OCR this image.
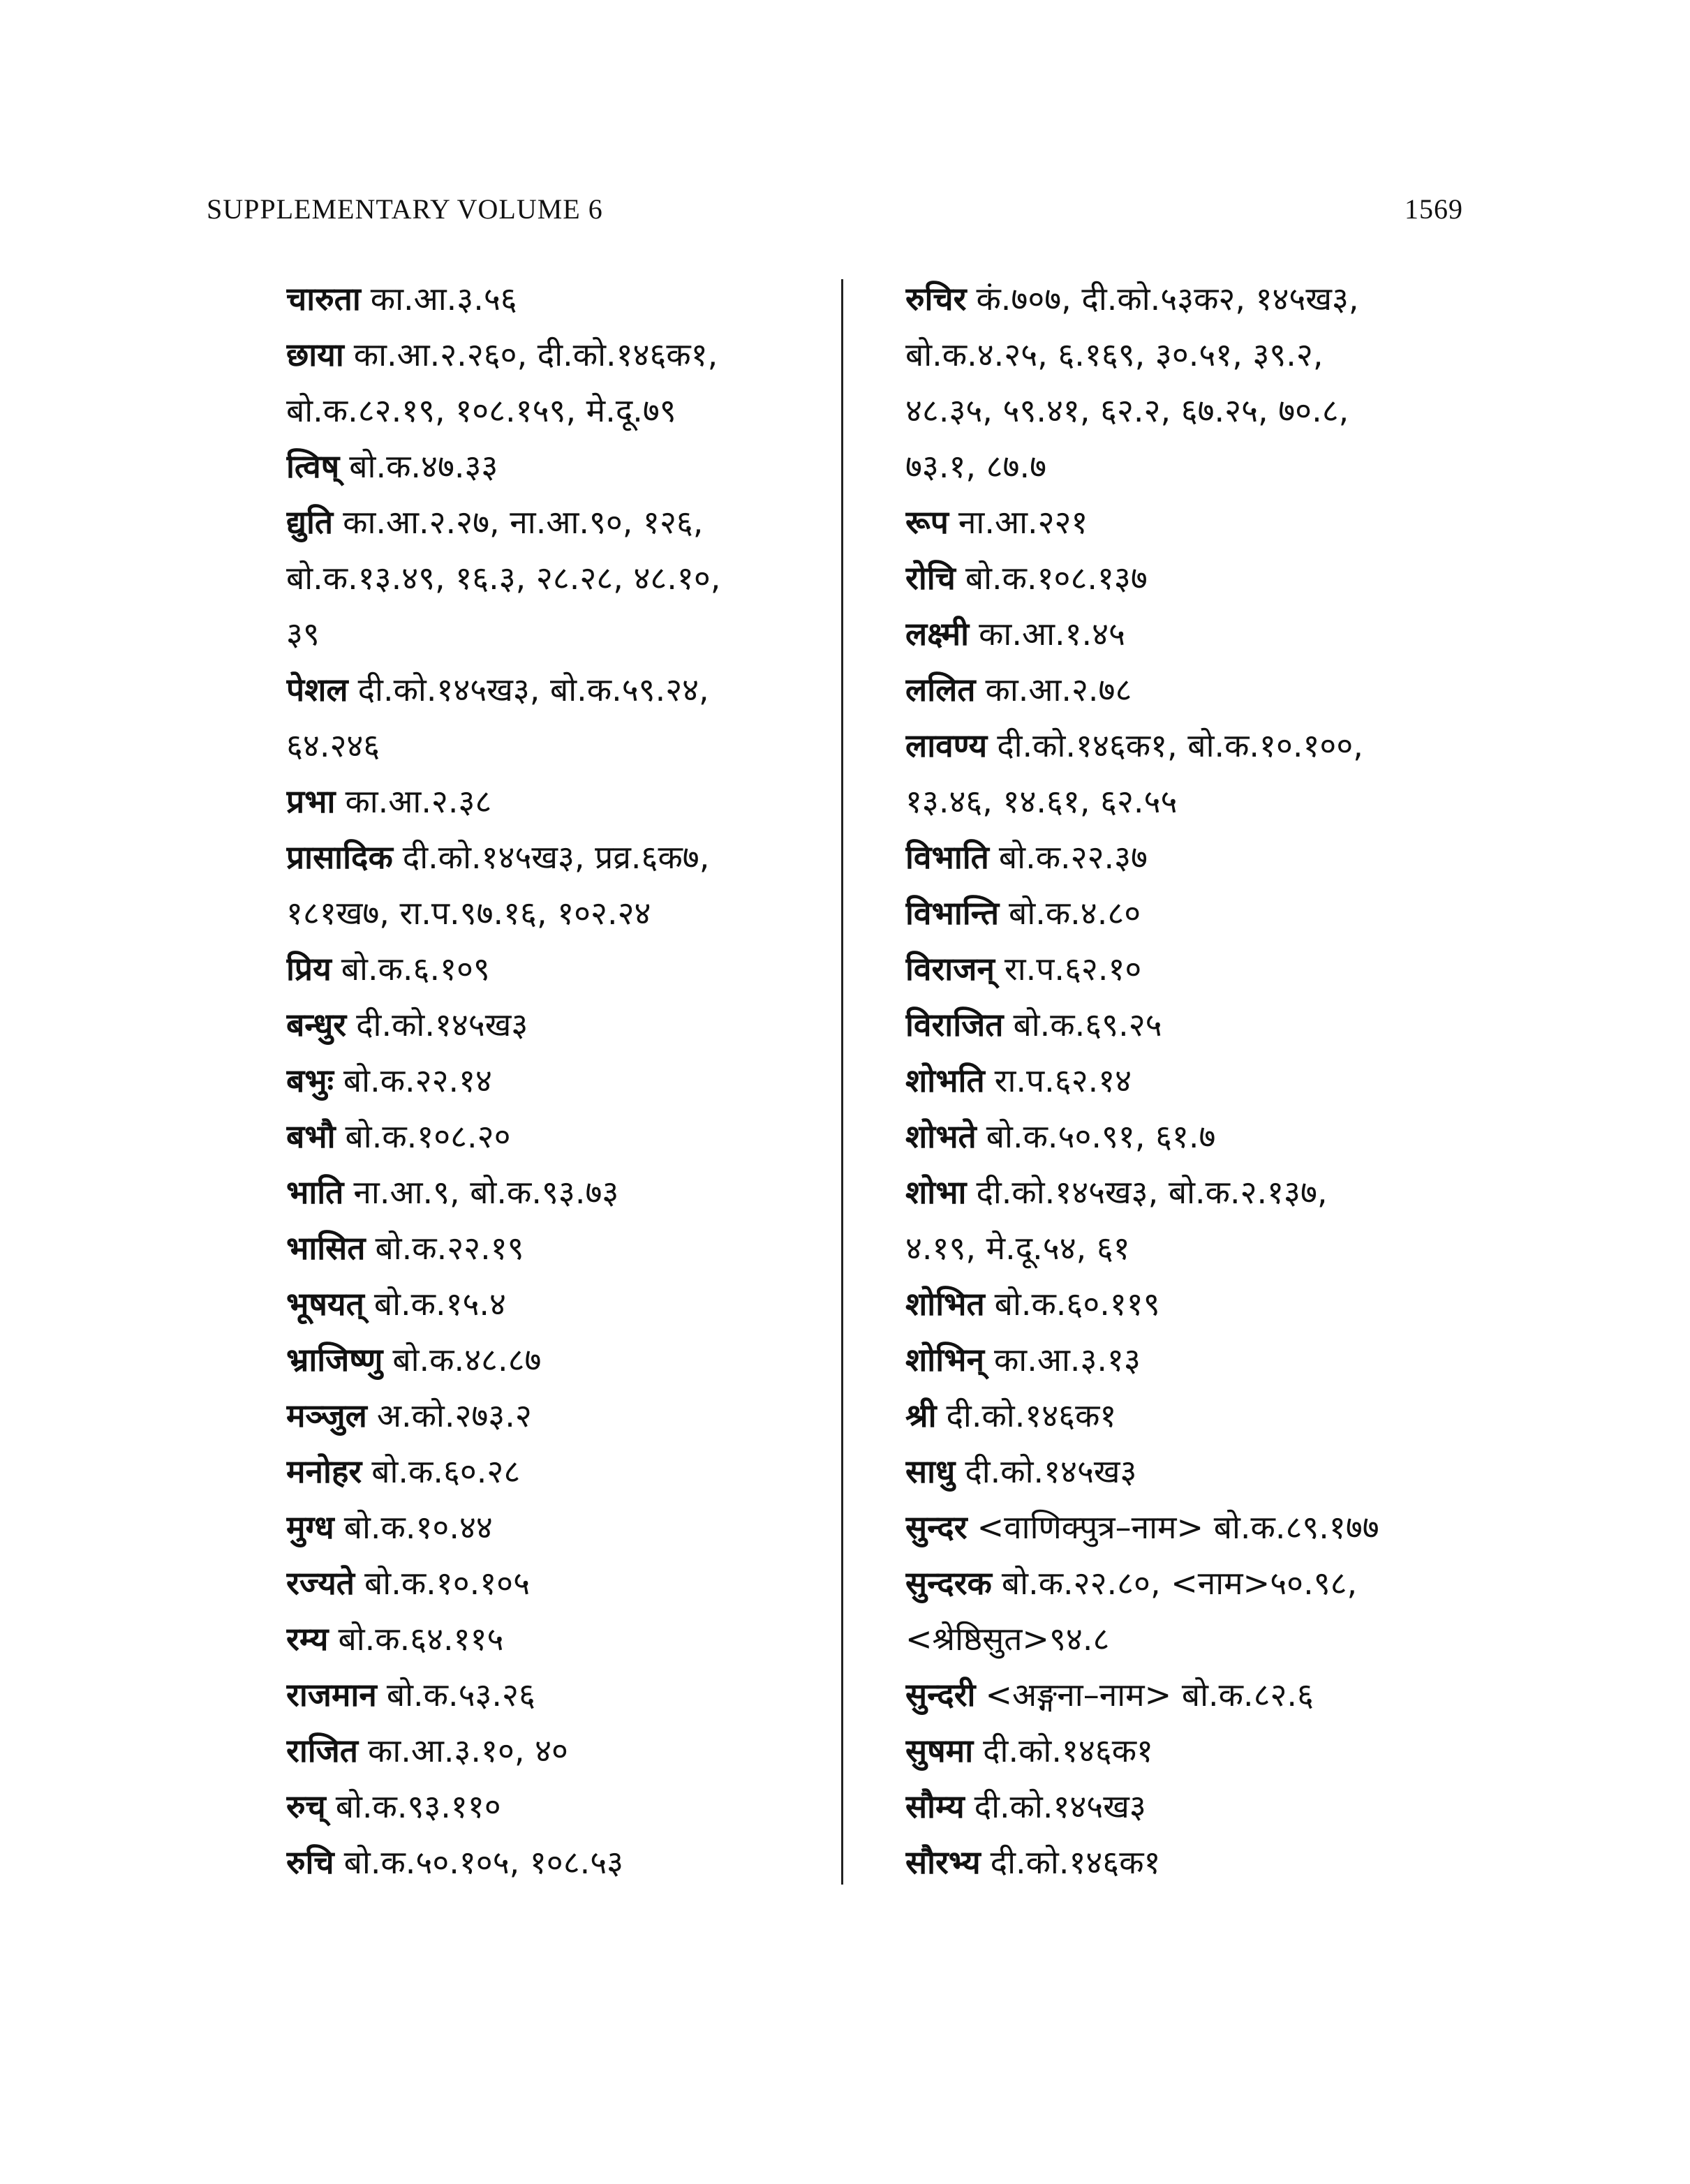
SUPPLEMENTARY VOLUME 6	1569
चारुता का.आ.३.५६
छाया का.आ.२.२६०, दी.को.१४६क१,
बो.क.८२.१९, १०८.१५९, मे.दू.७९
त्विष् बो.क.४७.३३
द्युति का.आ.२.२७, ना.आ.९०, १२६,
बो.क.१३.४९, १६.३, २८.२८, ४८.१०,
३९
पेशल दी.को.१४५ख३, बो.क.५९.२४,
६४.२४६
प्रभा का.आ.२.३८
प्रासादिक दी.को.१४५ख३, प्रव्र.६क७,
१८१ख७, रा.प.९७.१६, १०२.२४
प्रिय बो.क.६.१०९
बन्धुर दी.को.१४५ख३
बभुः बो.क.२२.१४
बभौ बो.क.१०८.२०
भाति ना.आ.९, बो.क.९३.७३
भासित बो.क.२२.१९
भूषयत् बो.क.१५.४
भ्राजिष्णु बो.क.४८.८७
मञ्जुल अ.को.२७३.२
मनोहर बो.क.६०.२८
मुग्ध बो.क.१०.४४
रज्यते बो.क.१०.१०५
रम्य बो.क.६४.११५
राजमान बो.क.५३.२६
राजित का.आ.३.१०, ४०
रुच् बो.क.९३.११०
रुचि बो.क.५०.१०५, १०८.५३
रुचिर कं.७०७, दी.को.५३क२, १४५ख३,
बो.क.४.२५, ६.१६९, ३०.५१, ३९.२,
४८.३५, ५९.४१, ६२.२, ६७.२५, ७०.८,
७३.१, ८७.७
रूप ना.आ.२२१
रोचि बो.क.१०८.१३७
लक्ष्मी का.आ.१.४५
ललित का.आ.२.७८
लावण्य दी.को.१४६क१, बो.क.१०.१००,
१३.४६, १४.६१, ६२.५५
विभाति बो.क.२२.३७
विभान्ति बो.क.४.८०
विराजन् रा.प.६२.१०
विराजित बो.क.६९.२५
शोभति रा.प.६२.१४
शोभते बो.क.५०.९१, ६१.७
शोभा दी.को.१४५ख३, बो.क.२.१३७,
४.१९, मे.दू.५४, ६१
शोभित बो.क.६०.११९
शोभिन् का.आ.३.१३
श्री दी.को.१४६क१
साधु दी.को.१४५ख३
सुन्दर <वाणिक्पुत्र–नाम> बो.क.८९.१७७
सुन्दरक बो.क.२२.८०, <नाम>५०.९८,
<श्रेष्ठिसुत>९४.८
सुन्दरी <अङ्गना–नाम> बो.क.८२.६
सुषमा दी.को.१४६क१
सौम्य दी.को.१४५ख३
सौरभ्य दी.को.१४६क१
